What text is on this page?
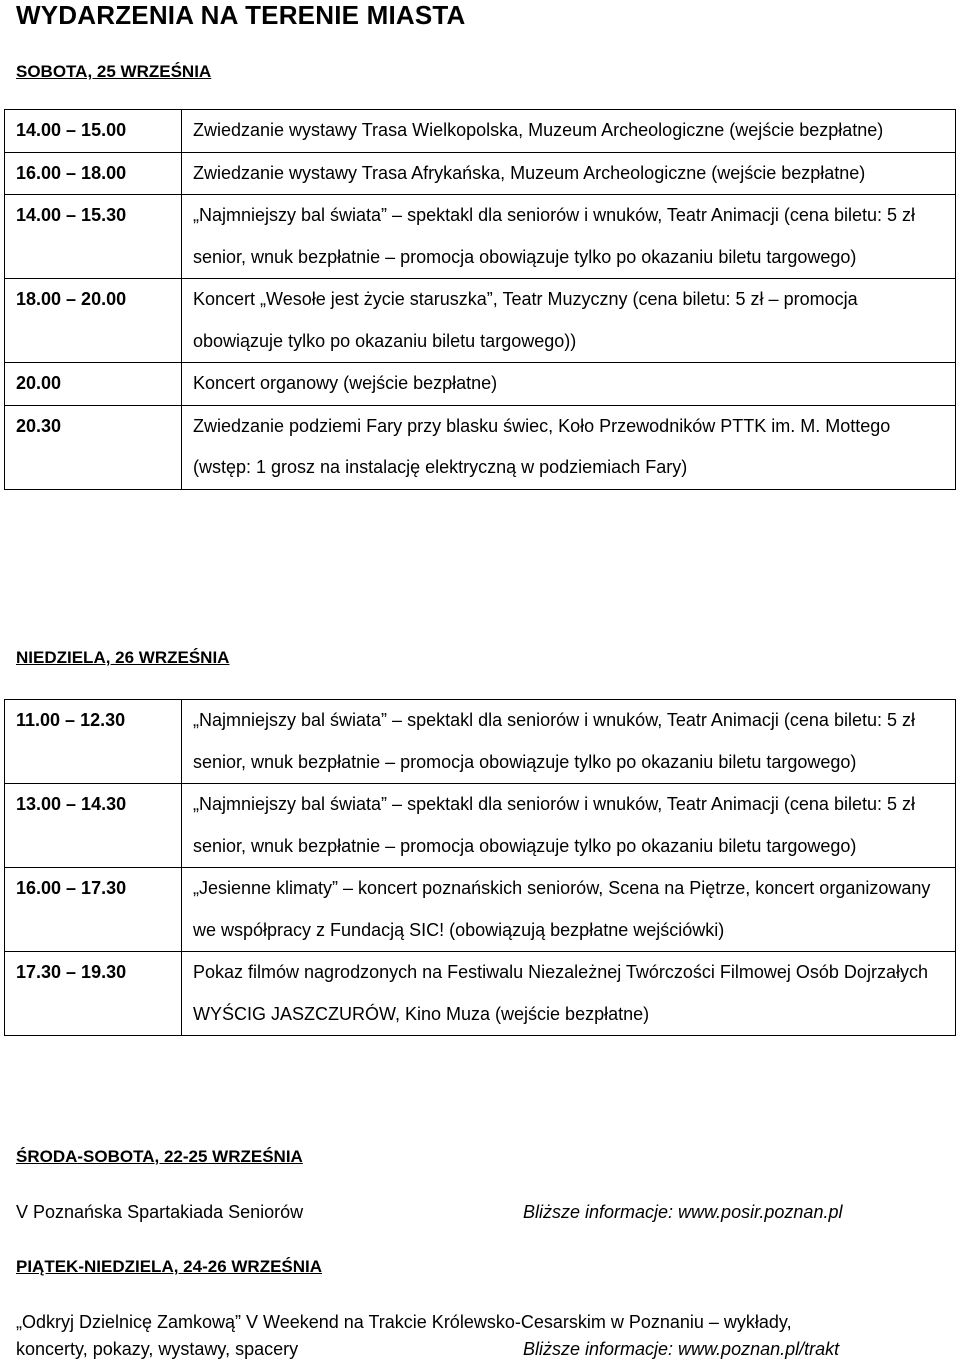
WYDARZENIA NA TERENIE MIASTA
SOBOTA, 25 WRZEŚNIA
14.00 – 15.00	Zwiedzanie wystawy Trasa Wielkopolska, Muzeum Archeologiczne (wejście bezpłatne)
16.00 – 18.00	Zwiedzanie wystawy Trasa Afrykańska, Muzeum Archeologiczne (wejście bezpłatne)
14.00 – 15.30	„Najmniejszy bal świata” – spektakl dla seniorów i wnuków, Teatr Animacji (cena biletu: 5 zł senior, wnuk bezpłatnie – promocja obowiązuje tylko po okazaniu biletu targowego)
18.00 – 20.00	Koncert „Wesołe jest życie staruszka”, Teatr Muzyczny (cena biletu: 5 zł – promocja obowiązuje tylko po okazaniu biletu targowego))
20.00	Koncert organowy (wejście bezpłatne)
20.30	Zwiedzanie podziemi Fary przy blasku świec, Koło Przewodników PTTK im. M. Mottego (wstęp: 1 grosz na instalację elektryczną w podziemiach Fary)
NIEDZIELA, 26 WRZEŚNIA
11.00 – 12.30	„Najmniejszy bal świata” – spektakl dla seniorów i wnuków, Teatr Animacji (cena biletu: 5 zł senior, wnuk bezpłatnie – promocja obowiązuje tylko po okazaniu biletu targowego)
13.00 – 14.30	„Najmniejszy bal świata” – spektakl dla seniorów i wnuków, Teatr Animacji (cena biletu: 5 zł senior, wnuk bezpłatnie – promocja obowiązuje tylko po okazaniu biletu targowego)
16.00 – 17.30	„Jesienne klimaty” – koncert poznańskich seniorów, Scena na Piętrze, koncert organizowany we współpracy z Fundacją SIC! (obowiązują bezpłatne wejściówki)
17.30 – 19.30	Pokaz filmów nagrodzonych na Festiwalu Niezależnej Twórczości Filmowej Osób Dojrzałych WYŚCIG JASZCZURÓW, Kino Muza (wejście bezpłatne)
ŚRODA-SOBOTA, 22-25 WRZEŚNIA
V Poznańska Spartakiada Seniorów	Bliższe informacje: www.posir.poznan.pl
PIĄTEK-NIEDZIELA, 24-26 WRZEŚNIA
„Odkryj Dzielnicę Zamkową” V Weekend na Trakcie Królewsko-Cesarskim w Poznaniu – wykłady,
koncerty, pokazy, wystawy, spacery	Bliższe informacje: www.poznan.pl/trakt
